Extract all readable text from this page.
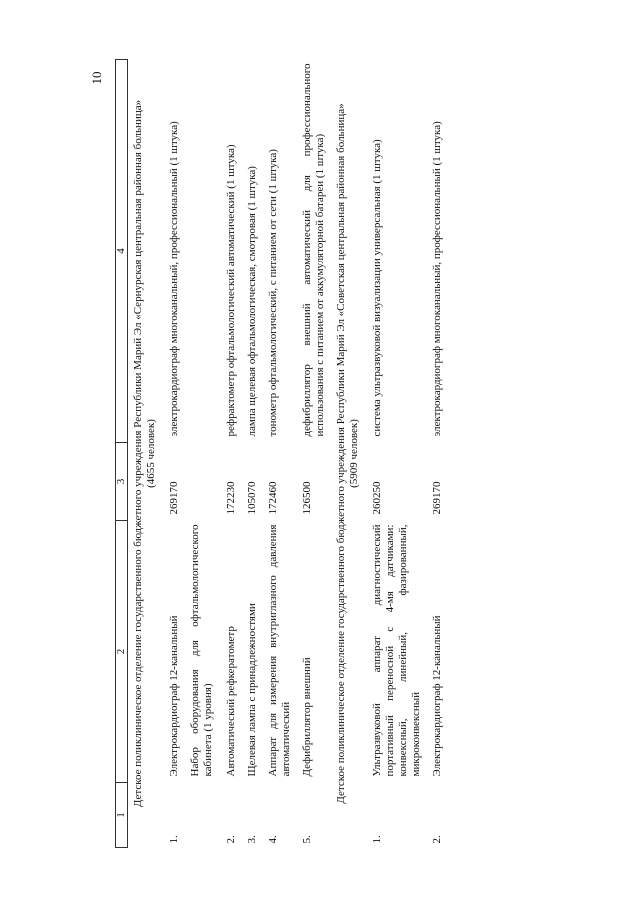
10
1	2	3	4

Детское поликлиническое отделение государственного бюджетного учреждения Республики Марий Эл «Сернурская центральная районная больница» (4655 человек)			

1.	Электрокардиограф 12-канальный	269170	электрокардиограф многоканальный, профессиональный (1 штука)
	Набор оборудования для офтальмологического кабинета (1 уровня)		
2.	Автоматический рефкератометр	172230	рефрактометр офтальмологический автоматический (1 штука)
3.	Щелевая лампа с принадлежностями	105070	лампа щелевая офтальмологическая, смотровая (1 штука)
4.	Аппарат для измерения внутриглазного давления автоматический	172460	тонометр офтальмологический, с питанием от сети (1 штука)
5.	Дефибриллятор внешний	126500	дефибриллятор внешний автоматический для профессионального использования с питанием от аккумуляторной батареи (1 штука)

Детское поликлиническое отделение государственного бюджетного учреждения Республики Марий Эл «Советская центральная районная больница» (5909 человек)			

1.	Ультразвуковой аппарат диагностический портативный переносной с 4-мя датчиками: конвексный, линейный, фазированный, микроконвексный	260250	система ультразвуковой визуализации универсальная (1 штука)
2.	Электрокардиограф 12-канальный	269170	электрокардиограф многоканальный, профессиональный (1 штука)
